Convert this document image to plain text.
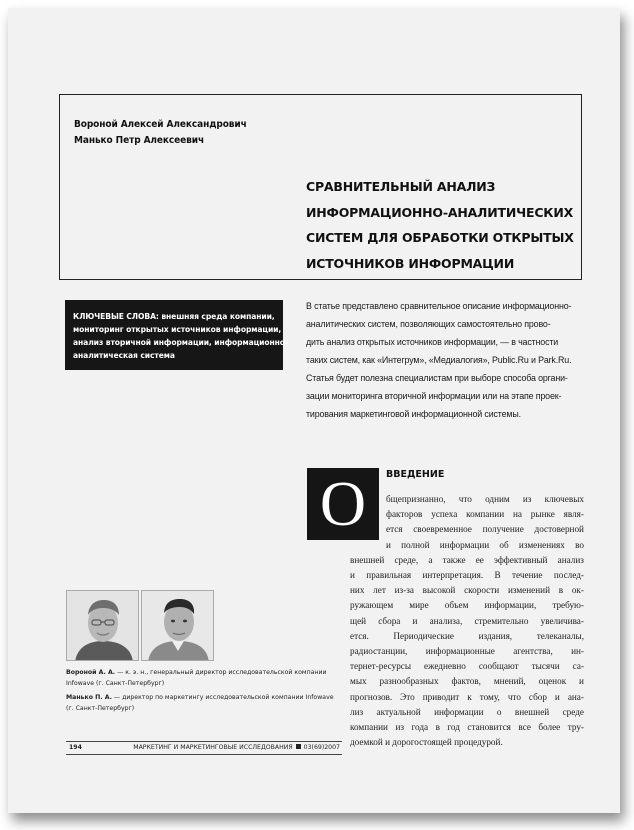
Вороной Алексей Александрович
Манько Петр Алексеевич
СРАВНИТЕЛЬНЫЙ АНАЛИЗ
ИНФОРМАЦИОННО-АНАЛИТИЧЕСКИХ
СИСТЕМ ДЛЯ ОБРАБОТКИ ОТКРЫТЫХ
ИСТОЧНИКОВ ИНФОРМАЦИИ
КЛЮЧЕВЫЕ СЛОВА: внешняя среда компании,
мониторинг открытых источников информации,
анализ вторичной информации, информационно-
аналитическая система
В статье представлено сравнительное описание информационно-
аналитических систем, позволяющих самостоятельно прово-
дить анализ открытых источников информации, — в частности
таких систем, как «Интегрум», «Медиалогия», Public.Ru и Park.Ru.
Статья будет полезна специалистам при выборе способа органи-
зации мониторинга вторичной информации или на этапе проек-
тирования маркетинговой информационной системы.
О	ВВЕДЕНИЕ
бщепризнанно, что одним из ключевых
факторов успеха компании на рынке явля-
ется своевременное получение достоверной
и полной информации об изменениях во
внешней среде, а также ее эффективный анализ
и правильная интерпретация. В течение послед-
них лет из-за высокой скорости изменений в ок-
ружающем мире объем информации, требую-
щей сбора и анализа, стремительно увеличива-
ется.	Периодические	издания,	телеканалы,
радиостанции, информационные агентства, ин-
тернет-ресурсы ежедневно сообщают тысячи са-
мых разнообразных фактов, мнений, оценок и
прогнозов. Это приводит к тому, что сбор и ана-
лиз актуальной информации о внешней среде
компании из года в год становится все более тру-
доемкой и дорогостоящей процедурой.
Вороной А. А. — к. э. н., генеральный директор исследовательской компании
Infowave (г. Санкт-Петербург)
Манько П. А. — директор по маркетингу исследовательской компании Infowave
(г. Санкт-Петербург)
194	МАРКЕТИНГ И МАРКЕТИНГОВЫЕ ИССЛЕДОВАНИЯ 03(69)2007
